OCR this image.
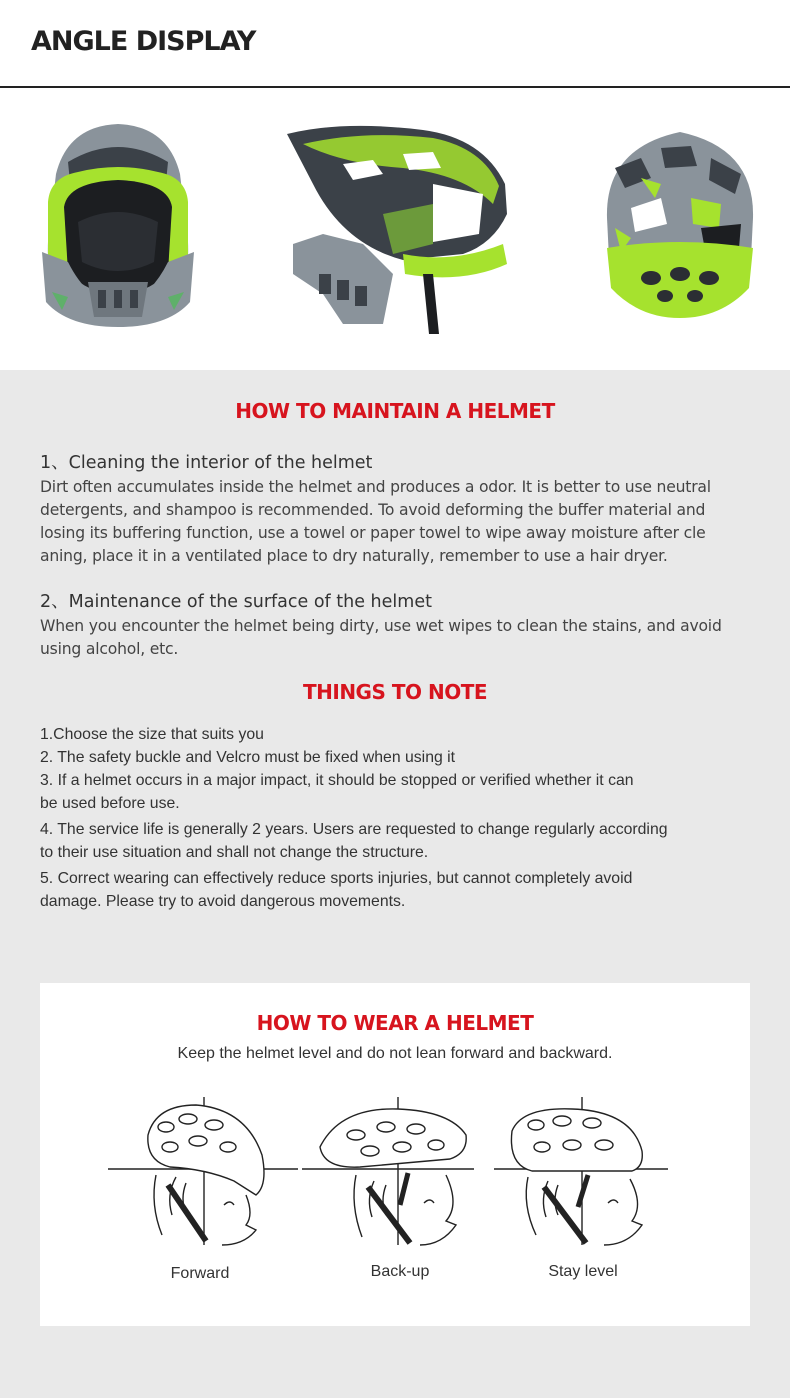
ANGLE DISPLAY
HOW TO MAINTAIN A HELMET
1、Cleaning the interior of the helmet
Dirt often accumulates inside the helmet and produces a odor. It is better to use neutral
detergents, and shampoo is recommended. To avoid deforming the buffer material and
losing its buffering function, use a towel or paper towel to wipe away moisture after cle
aning, place it in a ventilated place to dry naturally, remember to use a hair dryer.
2、Maintenance of the surface of the helmet
When you encounter the helmet being dirty, use wet wipes to clean the stains, and avoid
using alcohol, etc.
THINGS TO NOTE
1.Choose the size that suits you
2. The safety buckle and Velcro must be fixed when using it
3. If a helmet occurs in a major impact, it should be stopped or verified whether it can
be used before use.
4. The service life is generally 2 years. Users are requested to change regularly according
to their use situation and shall not change the structure.
5. Correct wearing can effectively reduce sports injuries, but cannot completely avoid
damage. Please try to avoid dangerous movements.
HOW TO WEAR A HELMET
Keep the helmet level and do not lean forward and backward.
Forward	Back-up	Stay level
